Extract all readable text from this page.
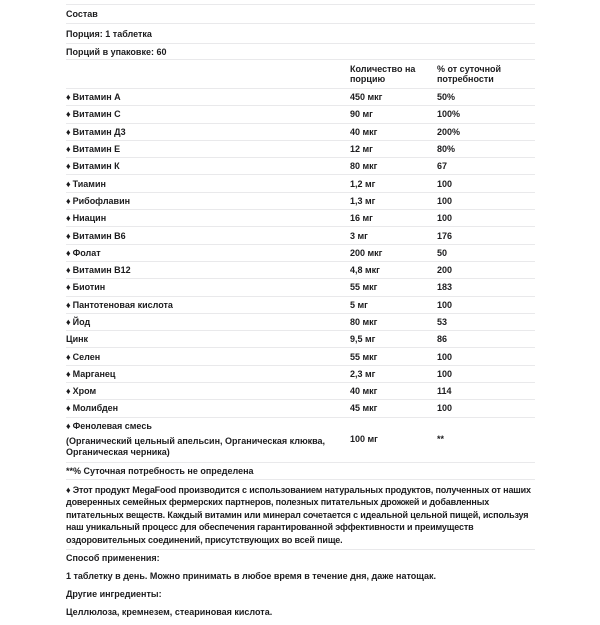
Состав
Порция: 1 таблетка
Порций в упаковке: 60
Количество на порцию
% от суточной потребности
♦ Витамин А	450 мкг	50%
♦ Витамин С	90 мг	100%
♦ Витамин Д3	40 мкг	200%
♦ Витамин Е	12 мг	80%
♦ Витамин К	80 мкг	67
♦ Тиамин	1,2 мг	100
♦ Рибофлавин	1,3 мг	100
♦ Ниацин	16 мг	100
♦ Витамин B6	3 мг	176
♦ Фолат	200 мкг	50
♦ Витамин B12	4,8 мкг	200
♦ Биотин	55 мкг	183
♦ Пантотеновая кислота	5 мг	100
♦ Йод	80 мкг	53
Цинк	9,5 мг	86
♦ Селен	55 мкг	100
♦ Марганец	2,3 мг	100
♦ Хром	40 мкг	114
♦ Молибден	45 мкг	100
♦ Фенолевая смесь
(Органический цельный апельсин, Органическая клюква, Органическая черника)
100 мг	**
**% Суточная потребность не определена
♦ Этот продукт MegaFood производится с использованием натуральных продуктов, полученных от наших доверенных семейных фермерских партнеров, полезных питательных дрожжей и добавленных питательных веществ. Каждый витамин или минерал сочетается с идеальной цельной пищей, используя наш уникальный процесс для обеспечения гарантированной эффективности и преимуществ оздоровительных соединений, присутствующих во всей пище.

Способ применения:

1 таблетку в день. Можно принимать в любое время в течение дня, даже натощак.

Другие ингредиенты:

Целлюлоза, кремнезем, стеариновая кислота.
